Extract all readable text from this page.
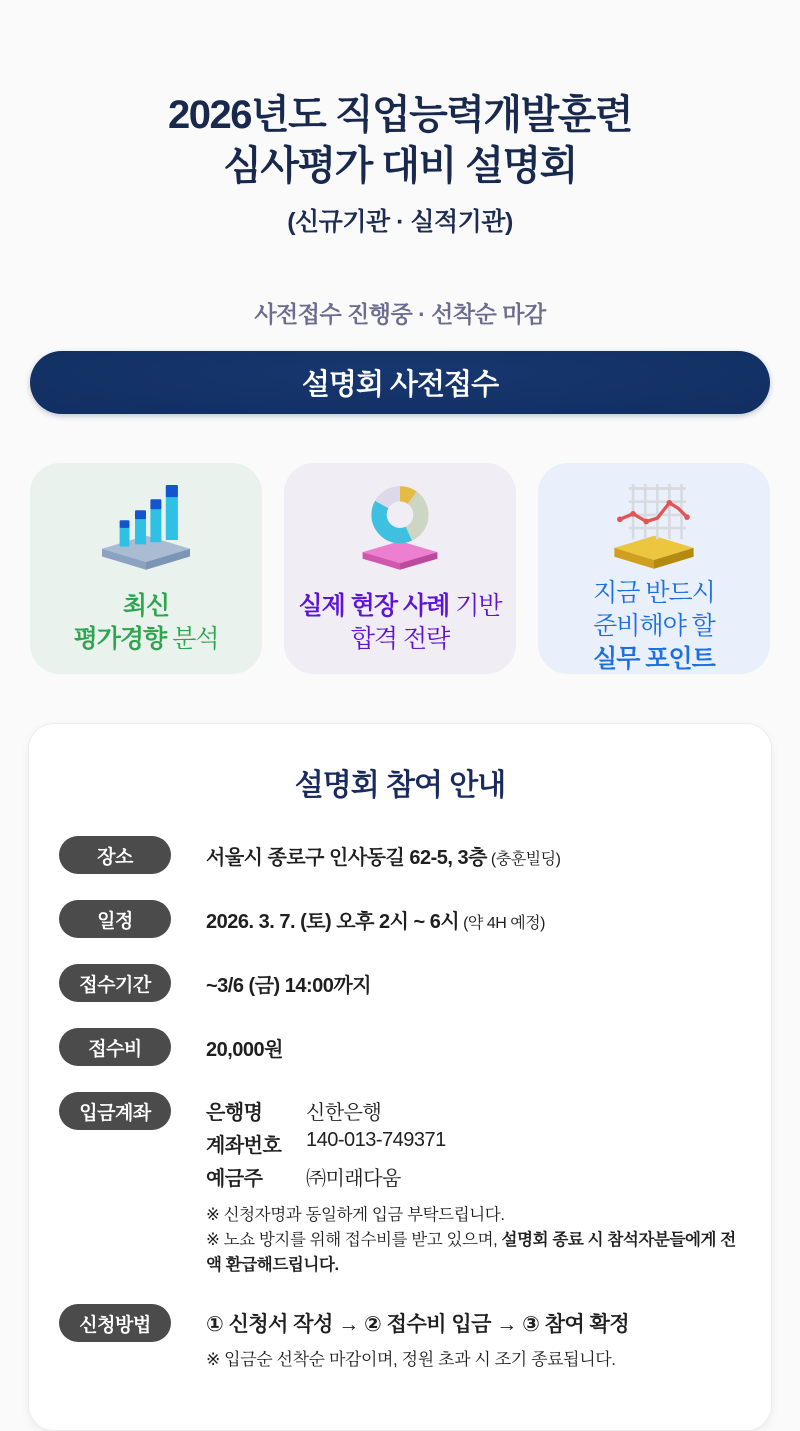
2026년도 직업능력개발훈련
심사평가 대비 설명회
(신규기관 · 실적기관)
사전접수 진행중 · 선착순 마감
설명회 사전접수
최신
평가경향 분석
실제 현장 사례 기반
합격 전략
지금 반드시
준비해야 할
실무 포인트
설명회 참여 안내
장소	서울시 종로구 인사동길 62-5, 3층 (충훈빌딩)
일정	2026. 3. 7. (토) 오후 2시 ~ 6시 (약 4H 예정)
접수기간	~3/6 (금) 14:00까지
접수비	20,000원
입금계좌	은행명	신한은행
계좌번호	140-013-749371
예금주	㈜미래다움
※ 신청자명과 동일하게 입금 부탁드립니다.
※ 노쇼 방지를 위해 접수비를 받고 있으며, 설명회 종료 시 참석자분들에게 전액 환급해드립니다.
신청방법	① 신청서 작성 → ② 접수비 입금 → ③ 참여 확정
※ 입금순 선착순 마감이며, 정원 초과 시 조기 종료됩니다.
